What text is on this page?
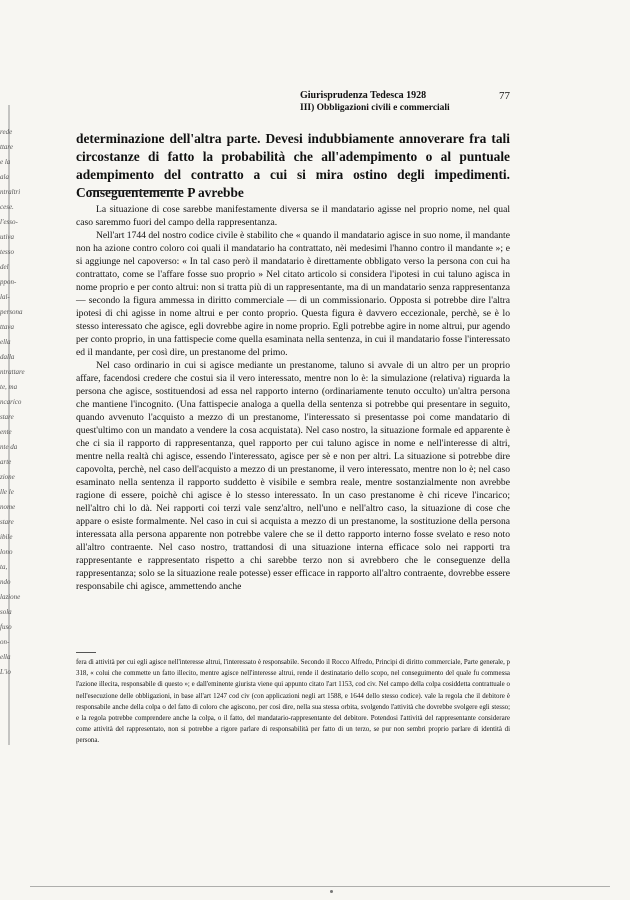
rede
ttare
e la
ala
ntraltri
cese.
l'esso-
utiva
tesso
del
ppon-
lal-
persona
ttava
ella
dalla
ntrattare
te, ma
ncarico
stare
ente
nte da
arte
zione
lle le
nome
stare
ibile
lono
ta,
ndo
lazione
sola
fuso
on-
ella
L'io
Giurisprudenza Tedesca 1928
III) Obbligazioni civili e commerciali
77

determinazione dell'altra parte. Devesi indubbiamente annoverare fra tali circostanze di fatto la probabilità che all'adempimento o al puntuale adempimento del contratto a cui si mira ostino degli impedimenti. Conseguentemente P avrebbe

La situazione di cose sarebbe manifestamente diversa se il mandatario agisse nel proprio nome, nel qual caso saremmo fuori del campo della rappresentanza.

Nell'art 1744 del nostro codice civile è stabilito che « quando il mandatario agisce in suo nome, il mandante non ha azione contro coloro coi quali il mandatario ha contrattato, nèi medesimi l'hanno contro il mandante »; e si aggiunge nel capoverso: « In tal caso però il mandatario è direttamente obbligato verso la persona con cui ha contrattato, come se l'affare fosse suo proprio » Nel citato articolo si considera l'ipotesi in cui taluno agisca in nome proprio e per conto altrui: non si tratta più di un rappresentante, ma di un mandatario senza rappresentanza — secondo la figura ammessa in diritto commerciale — di un commissionario. Opposta si potrebbe dire l'altra ipotesi di chi agisse in nome altrui e per conto proprio. Questa figura è davvero eccezionale, perchè, se è lo stesso interessato che agisce, egli dovrebbe agire in nome proprio. Egli potrebbe agire in nome altrui, pur agendo per conto proprio, in una fattispecie come quella esaminata nella sentenza, in cui il mandatario fosse l'interessato ed il mandante, per così dire, un prestanome del primo.

Nel caso ordinario in cui si agisce mediante un prestanome, taluno si avvale di un altro per un proprio affare, facendosi credere che costui sia il vero interessato, mentre non lo è: la simulazione (relativa) riguarda la persona che agisce, sostituendosi ad essa nel rapporto interno (ordinariamente tenuto occulto) un'altra persona che mantiene l'incognito. (Una fattispecie analoga a quella della sentenza si potrebbe qui presentare in seguito, quando avvenuto l'acquisto a mezzo di un prestanome, l'interessato si presentasse poi come mandatario di quest'ultimo con un mandato a vendere la cosa acquistata). Nel caso nostro, la situazione formale ed apparente è che ci sia il rapporto di rappresentanza, quel rapporto per cui taluno agisce in nome e nell'interesse di altri, mentre nella realtà chi agisce, essendo l'interessato, agisce per sè e non per altri. La situazione si potrebbe dire capovolta, perchè, nel caso dell'acquisto a mezzo di un prestanome, il vero interessato, mentre non lo è; nel caso esaminato nella sentenza il rapporto suddetto è visibile e sembra reale, mentre sostanzialmente non avrebbe ragione di essere, poichè chi agisce è lo stesso interessato. In un caso prestanome è chi riceve l'incarico; nell'altro chi lo dà. Nei rapporti coi terzi vale senz'altro, nell'uno e nell'altro caso, la situazione di cose che appare o esiste formalmente. Nel caso in cui si acquista a mezzo di un prestanome, la sostituzione della persona interessata alla persona apparente non potrebbe valere che se il detto rapporto interno fosse svelato e reso noto all'altro contraente. Nel caso nostro, trattandosi di una situazione interna efficace solo nei rapporti tra rappresentante e rappresentato rispetto a chi sarebbe terzo non si avrebbero che le conseguenze della rappresentanza; solo se la situazione reale potesse) esser efficace in rapporto all'altro contraente, dovrebbe essere responsabile chi agisce, ammettendo anche

fera di attività per cui egli agisce nell'interesse altrui, l'interessato è responsabile. Secondo il Rocco Alfredo, Principi di diritto commerciale, Parte generale, p 318, « colui che commette un fatto illecito, mentre agisce nell'interesse altrui, rende il destinatario dello scopo, nel conseguimento del quale fu commessa l'azione illecita, responsabile di questo »; e dall'eminente giurista viene qui appunto citato l'art 1153, cod civ. Nel campo della colpa cosiddetta contrattuale o nell'esecuzione delle obbligazioni, in base all'art 1247 cod civ (con applicazioni negli art 1588, e 1644 dello stesso codice). vale la regola che il debitore è responsabile anche della colpa o del fatto di coloro che agiscono, per così dire, nella sua stessa orbita, svolgendo l'attività che dovrebbe svolgere egli stesso; e la regola potrebbe comprendere anche la colpa, o il fatto, del mandatario-rappresentante del debitore. Potendosi l'attività del rappresentante considerare come attività del rappresentato, non si potrebbe a rigore parlare di responsabilità per fatto di un terzo, se pur non sembri proprio parlare di identità di persona.
